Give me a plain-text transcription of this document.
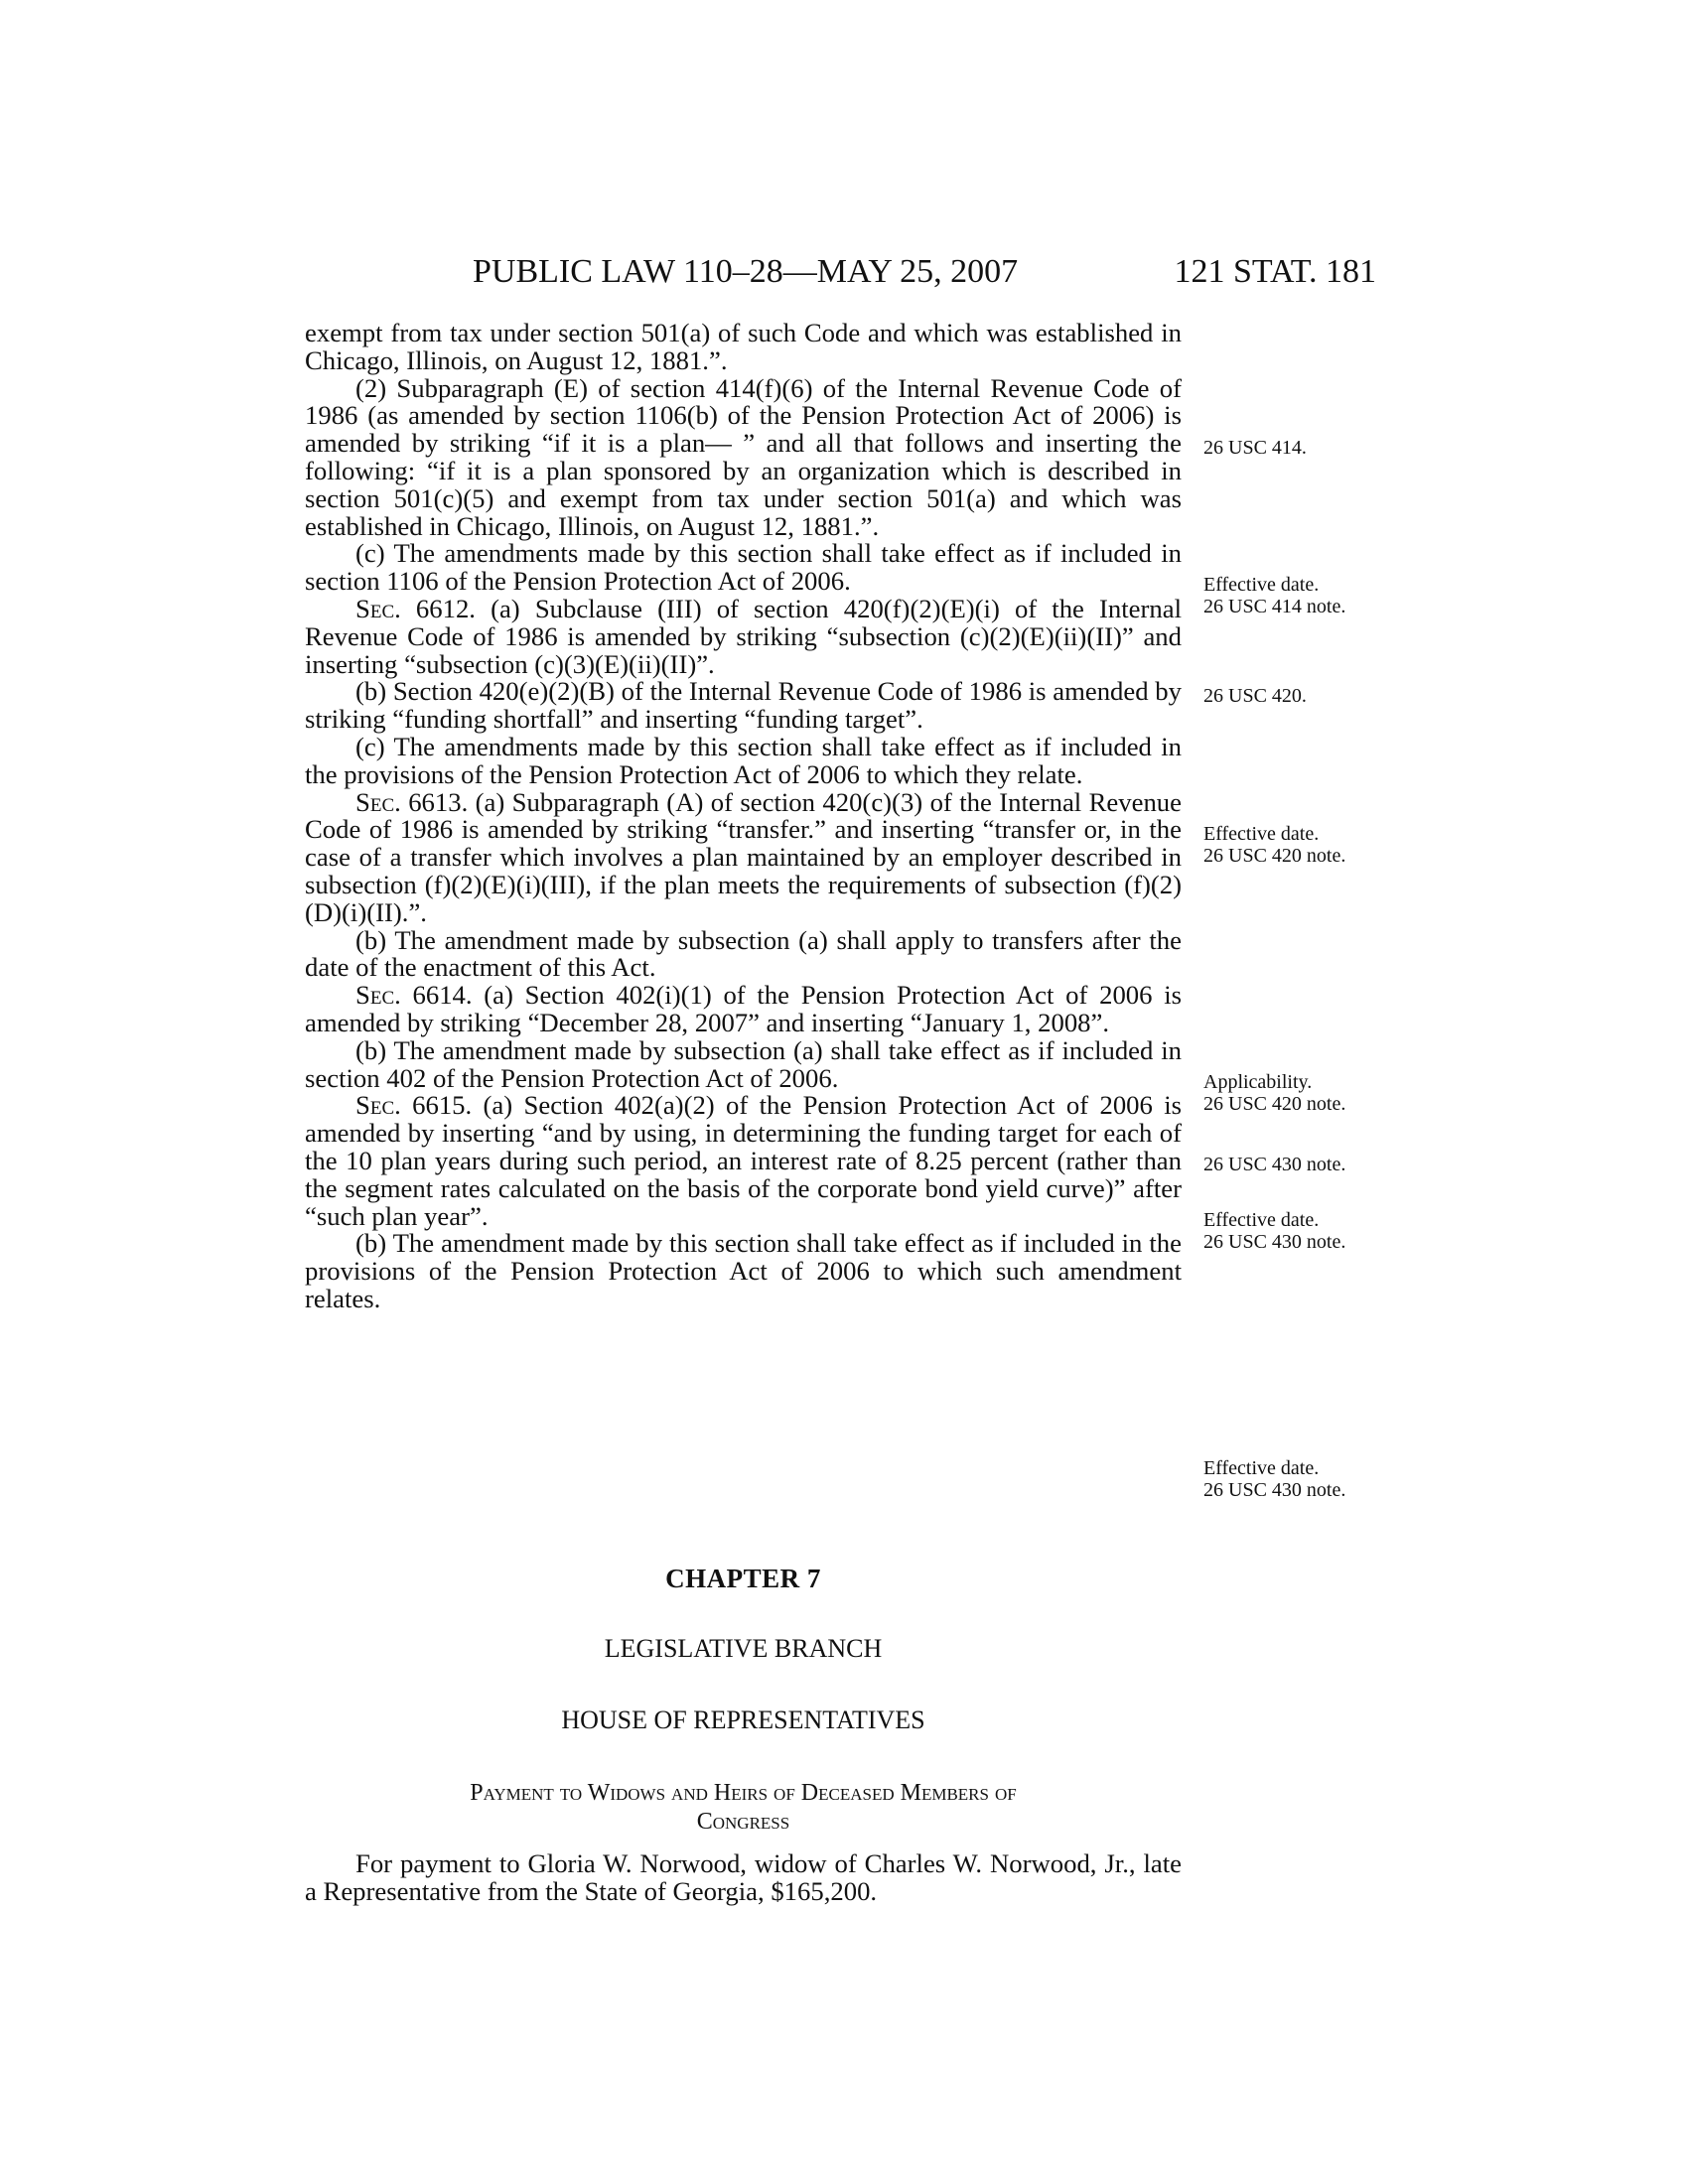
PUBLIC LAW 110–28—MAY 25, 2007	121 STAT. 181

exempt from tax under section 501(a) of such Code and which was established in Chicago, Illinois, on August 12, 1881.”.

(2) Subparagraph (E) of section 414(f)(6) of the Internal Revenue Code of 1986 (as amended by section 1106(b) of the Pension Protection Act of 2006) is amended by striking “if it is a plan— ” and all that follows and inserting the following: “if it is a plan sponsored by an organization which is described in section 501(c)(5) and exempt from tax under section 501(a) and which was established in Chicago, Illinois, on August 12, 1881.”.

(c) The amendments made by this section shall take effect as if included in section 1106 of the Pension Protection Act of 2006.

Sec. 6612. (a) Subclause (III) of section 420(f)(2)(E)(i) of the Internal Revenue Code of 1986 is amended by striking “subsection (c)(2)(E)(ii)(II)” and inserting “subsection (c)(3)(E)(ii)(II)”.

(b) Section 420(e)(2)(B) of the Internal Revenue Code of 1986 is amended by striking “funding shortfall” and inserting “funding target”.

(c) The amendments made by this section shall take effect as if included in the provisions of the Pension Protection Act of 2006 to which they relate.

Sec. 6613. (a) Subparagraph (A) of section 420(c)(3) of the Internal Revenue Code of 1986 is amended by striking “transfer.” and inserting “transfer or, in the case of a transfer which involves a plan maintained by an employer described in subsection (f)(2)(E)(i)(III), if the plan meets the requirements of subsection (f)(2)(D)(i)(II).”.

(b) The amendment made by subsection (a) shall apply to transfers after the date of the enactment of this Act.

Sec. 6614. (a) Section 402(i)(1) of the Pension Protection Act of 2006 is amended by striking “December 28, 2007” and inserting “January 1, 2008”.

(b) The amendment made by subsection (a) shall take effect as if included in section 402 of the Pension Protection Act of 2006.

Sec. 6615. (a) Section 402(a)(2) of the Pension Protection Act of 2006 is amended by inserting “and by using, in determining the funding target for each of the 10 plan years during such period, an interest rate of 8.25 percent (rather than the segment rates calculated on the basis of the corporate bond yield curve)” after “such plan year”.

(b) The amendment made by this section shall take effect as if included in the provisions of the Pension Protection Act of 2006 to which such amendment relates.

26 USC 414.
Effective date.
26 USC 414 note.
26 USC 420.
Effective date.
26 USC 420 note.
Applicability.
26 USC 420 note.
26 USC 430 note.
Effective date.
26 USC 430 note.
Effective date.
26 USC 430 note.
CHAPTER 7
LEGISLATIVE BRANCH
HOUSE OF REPRESENTATIVES
Payment to Widows and Heirs of Deceased Members of
Congress

For payment to Gloria W. Norwood, widow of Charles W. Norwood, Jr., late a Representative from the State of Georgia, $165,200.
